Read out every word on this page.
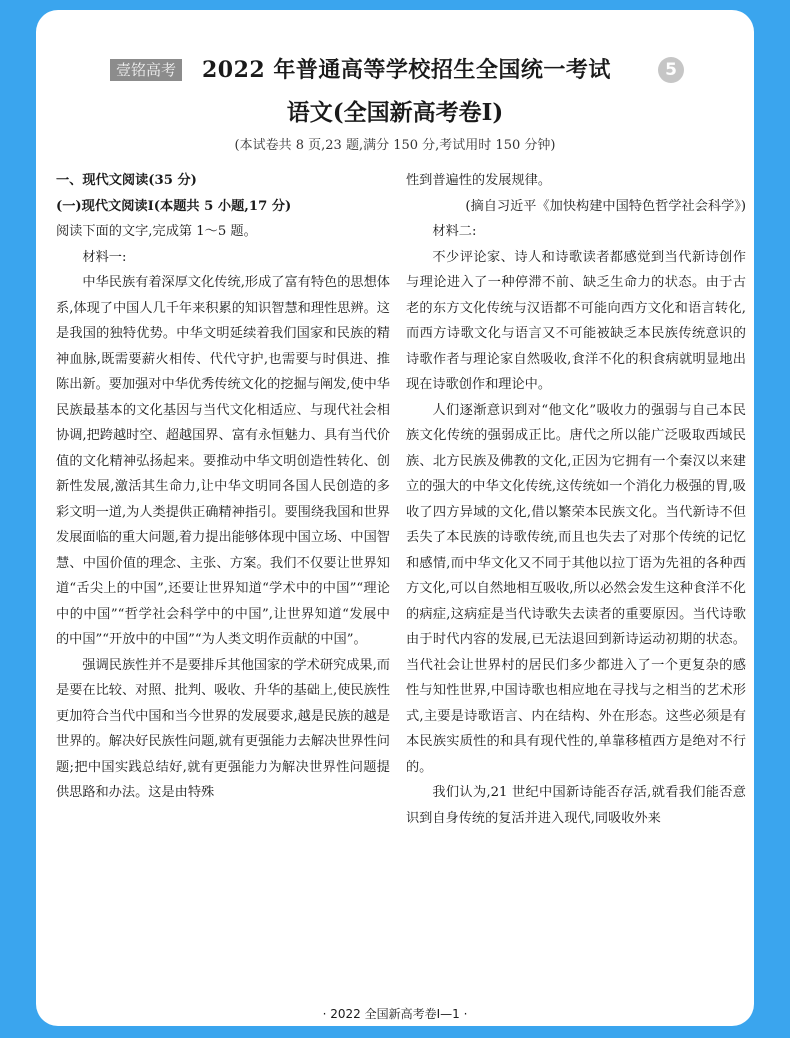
壹铭高考 2022 年普通高等学校招生全国统一考试	5
语文(全国新高考卷Ⅰ)
(本试卷共 8 页,23 题,满分 150 分,考试用时 150 分钟)

一、现代文阅读(35 分)

(一)现代文阅读Ⅰ(本题共 5 小题,17 分)

阅读下面的文字,完成第 1～5 题。

材料一:

中华民族有着深厚文化传统,形成了富有特色的思想体系,体现了中国人几千年来积累的知识智慧和理性思辨。这是我国的独特优势。中华文明延续着我们国家和民族的精神血脉,既需要薪火相传、代代守护,也需要与时俱进、推陈出新。要加强对中华优秀传统文化的挖掘与阐发,使中华民族最基本的文化基因与当代文化相适应、与现代社会相协调,把跨越时空、超越国界、富有永恒魅力、具有当代价值的文化精神弘扬起来。要推动中华文明创造性转化、创新性发展,激活其生命力,让中华文明同各国人民创造的多彩文明一道,为人类提供正确精神指引。要围绕我国和世界发展面临的重大问题,着力提出能够体现中国立场、中国智慧、中国价值的理念、主张、方案。我们不仅要让世界知道“舌尖上的中国”,还要让世界知道“学术中的中国”“理论中的中国”“哲学社会科学中的中国”,让世界知道“发展中的中国”“开放中的中国”“为人类文明作贡献的中国”。

强调民族性并不是要排斥其他国家的学术研究成果,而是要在比较、对照、批判、吸收、升华的基础上,使民族性更加符合当代中国和当今世界的发展要求,越是民族的越是世界的。解决好民族性问题,就有更强能力去解决世界性问题;把中国实践总结好,就有更强能力为解决世界性问题提供思路和办法。这是由特殊

性到普遍性的发展规律。

(摘自习近平《加快构建中国特色哲学社会科学》)

材料二:

不少评论家、诗人和诗歌读者都感觉到当代新诗创作与理论进入了一种停滞不前、缺乏生命力的状态。由于古老的东方文化传统与汉语都不可能向西方文化和语言转化,而西方诗歌文化与语言又不可能被缺乏本民族传统意识的诗歌作者与理论家自然吸收,食洋不化的积食病就明显地出现在诗歌创作和理论中。

人们逐渐意识到对“他文化”吸收力的强弱与自己本民族文化传统的强弱成正比。唐代之所以能广泛吸取西域民族、北方民族及佛教的文化,正因为它拥有一个秦汉以来建立的强大的中华文化传统,这传统如一个消化力极强的胃,吸收了四方异域的文化,借以繁荣本民族文化。当代新诗不但丢失了本民族的诗歌传统,而且也失去了对那个传统的记忆和感情,而中华文化又不同于其他以拉丁语为先祖的各种西方文化,可以自然地相互吸收,所以必然会发生这种食洋不化的病症,这病症是当代诗歌失去读者的重要原因。当代诗歌由于时代内容的发展,已无法退回到新诗运动初期的状态。当代社会让世界村的居民们多少都进入了一个更复杂的感性与知性世界,中国诗歌也相应地在寻找与之相当的艺术形式,主要是诗歌语言、内在结构、外在形态。这些必须是有本民族实质性的和具有现代性的,单靠移植西方是绝对不行的。

我们认为,21 世纪中国新诗能否存活,就看我们能否意识到自身传统的复活并进入现代,同吸收外来

· 2022 全国新高考卷Ⅰ—1 ·
